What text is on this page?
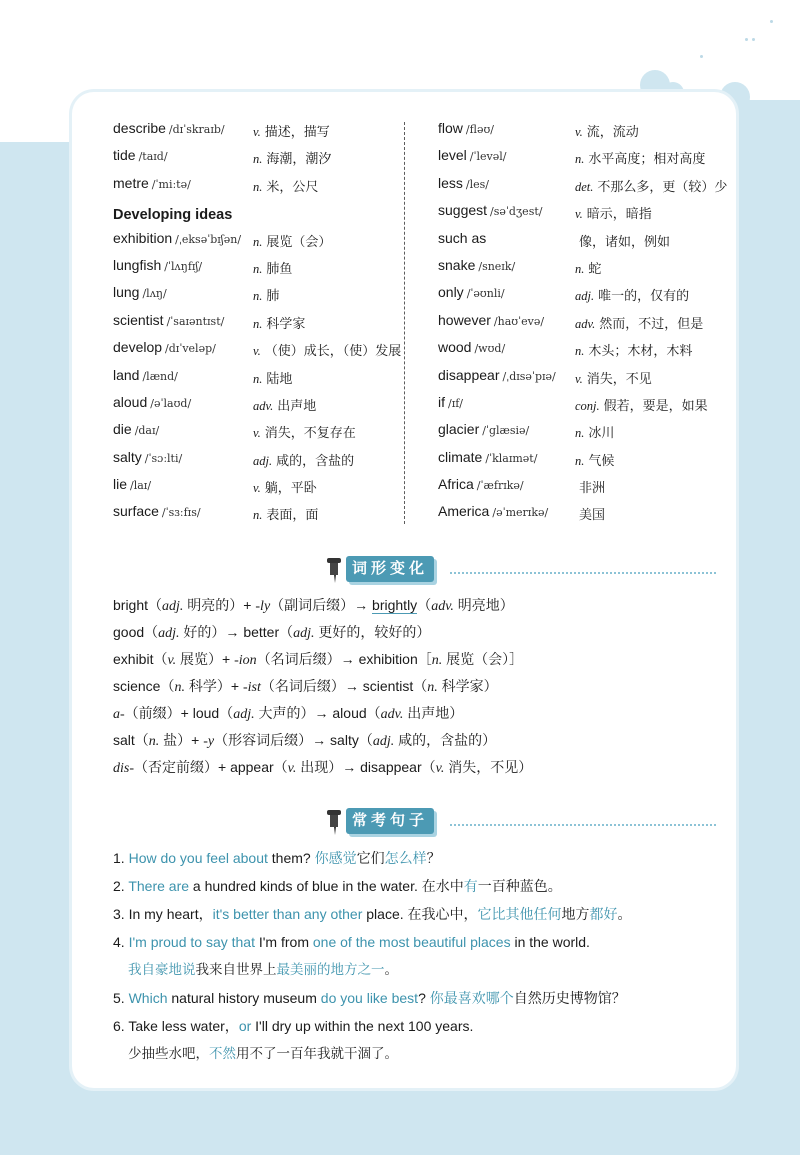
describe /dɪˈskraɪb/ v. 描述，描写
tide /taɪd/	n. 海潮，潮汐
metre /ˈmiːtə/	n. 米，公尺
Developing ideas
exhibition /ˌeksəˈbɪʃən/ n. 展览（会）
lungfish /ˈlʌŋfɪʃ/	n. 肺鱼
lung /lʌŋ/	n. 肺
scientist /ˈsaɪəntɪst/ n. 科学家
develop /dɪˈveləp/	v. （使）成长，（使）发展
land /lænd/	n. 陆地
aloud /əˈlaʊd/	adv. 出声地
die /daɪ/	v. 消失，不复存在
salty /ˈsɔːlti/	adj. 咸的，含盐的
lie /laɪ/	v. 躺，平卧
surface /ˈsɜːfɪs/	n. 表面，面
flow /fləʊ/	v. 流，流动
level /ˈlevəl/	n. 水平高度；相对高度
less /les/	det. 不那么多，更（较）少
suggest /səˈdʒest/	v. 暗示，暗指
such as	像，诸如，例如
snake /sneɪk/	n. 蛇
only /ˈəʊnli/	adj. 唯一的，仅有的
however /haʊˈevə/ adv. 然而，不过，但是
wood /wʊd/	n. 木头；木材，木料
disappear /ˌdɪsəˈpɪə/ v. 消失，不见
if /ɪf/	conj. 假若，要是，如果
glacier /ˈglæsiə/	n. 冰川
climate /ˈklaɪmət/	n. 气候
Africa /ˈæfrɪkə/	非洲
America /əˈmerɪkə/	美国
词形变化
bright（adj. 明亮的）+ -ly（副词后缀）→ brightly（adv. 明亮地）
good（adj. 好的）→ better（adj. 更好的，较好的）
exhibit（v. 展览）+ -ion（名词后缀）→ exhibition［n. 展览（会）］
science（n. 科学）+ -ist（名词后缀）→ scientist（n. 科学家）
a-（前缀）+ loud（adj. 大声的）→ aloud（adv. 出声地）
salt（n. 盐）+ -y（形容词后缀）→ salty（adj. 咸的，含盐的）
dis-（否定前缀）+ appear（v. 出现）→ disappear（v. 消失，不见）
常考句子
1. How do you feel about them? 你感觉它们怎么样？
2. There are a hundred kinds of blue in the water. 在水中有一百种蓝色。
3. In my heart，it's better than any other place. 在我心中，它比其他任何地方都好。
4. I'm proud to say that I'm from one of the most beautiful places in the world.
我自豪地说我来自世界上最美丽的地方之一。
5. Which natural history museum do you like best? 你最喜欢哪个自然历史博物馆？
6. Take less water，or I'll dry up within the next 100 years.
少抽些水吧，不然用不了一百年我就干涸了。
